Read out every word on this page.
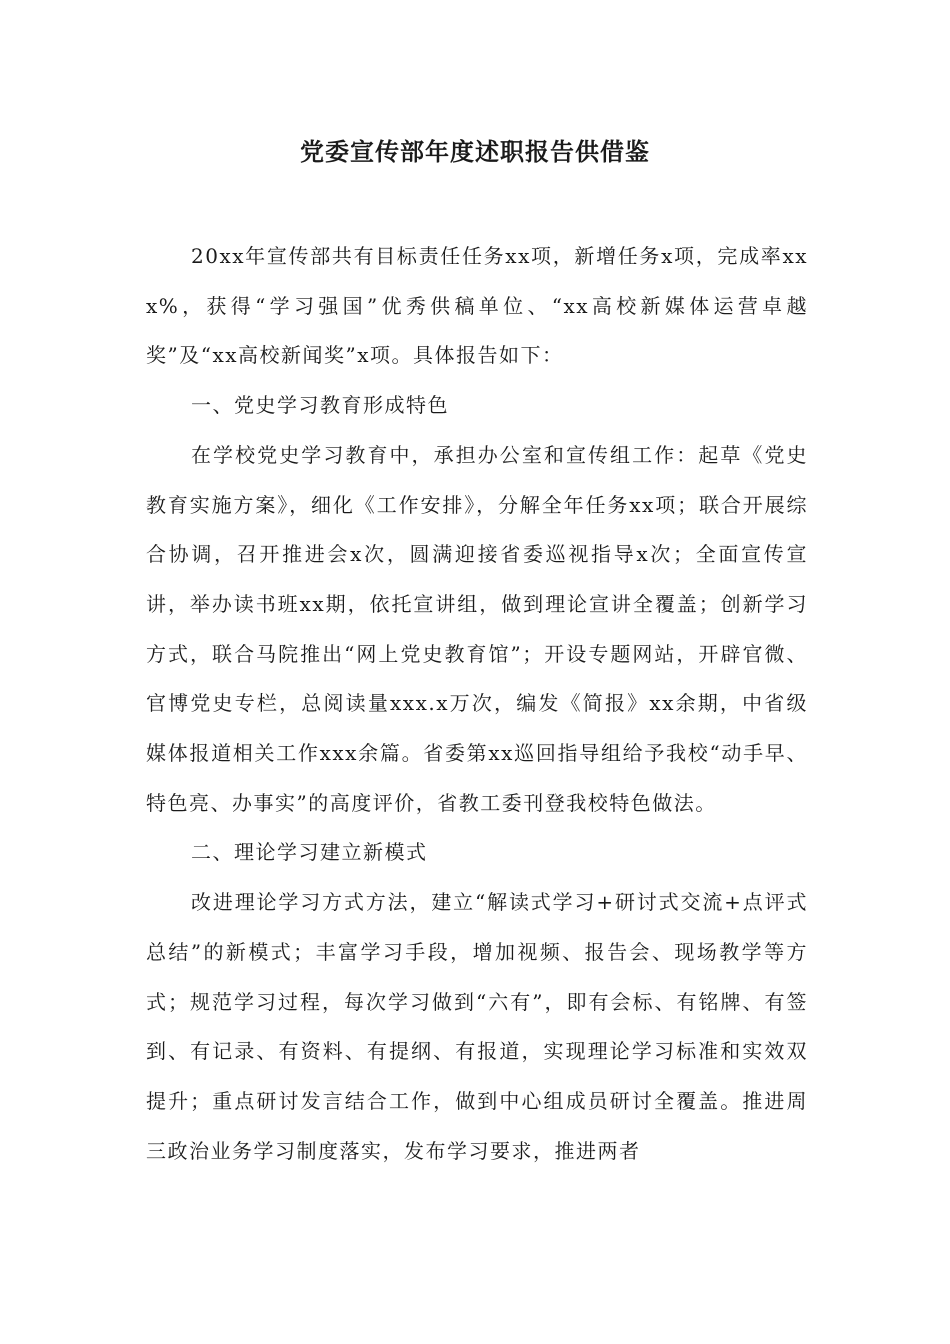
党委宣传部年度述职报告供借鉴

20xx年宣传部共有目标责任任务xx项，新增任务x项，完成率xxx%，获得“学习强国”优秀供稿单位、“xx高校新媒体运营卓越奖”及“xx高校新闻奖”x项。具体报告如下：

一、党史学习教育形成特色

在学校党史学习教育中，承担办公室和宣传组工作：起草《党史教育实施方案》，细化《工作安排》，分解全年任务xx项；联合开展综合协调，召开推进会x次，圆满迎接省委巡视指导x次；全面宣传宣讲，举办读书班xx期，依托宣讲组，做到理论宣讲全覆盖；创新学习方式，联合马院推出“网上党史教育馆”；开设专题网站，开辟官微、官博党史专栏，总阅读量xxx.x万次，编发《简报》xx余期，中省级媒体报道相关工作xxx余篇。省委第xx巡回指导组给予我校“动手早、特色亮、办事实”的高度评价，省教工委刊登我校特色做法。

二、理论学习建立新模式

改进理论学习方式方法，建立“解读式学习+研讨式交流+点评式总结”的新模式；丰富学习手段，增加视频、报告会、现场教学等方式；规范学习过程，每次学习做到“六有”，即有会标、有铭牌、有签到、有记录、有资料、有提纲、有报道，实现理论学习标准和实效双提升；重点研讨发言结合工作，做到中心组成员研讨全覆盖。推进周三政治业务学习制度落实，发布学习要求，推进两者
